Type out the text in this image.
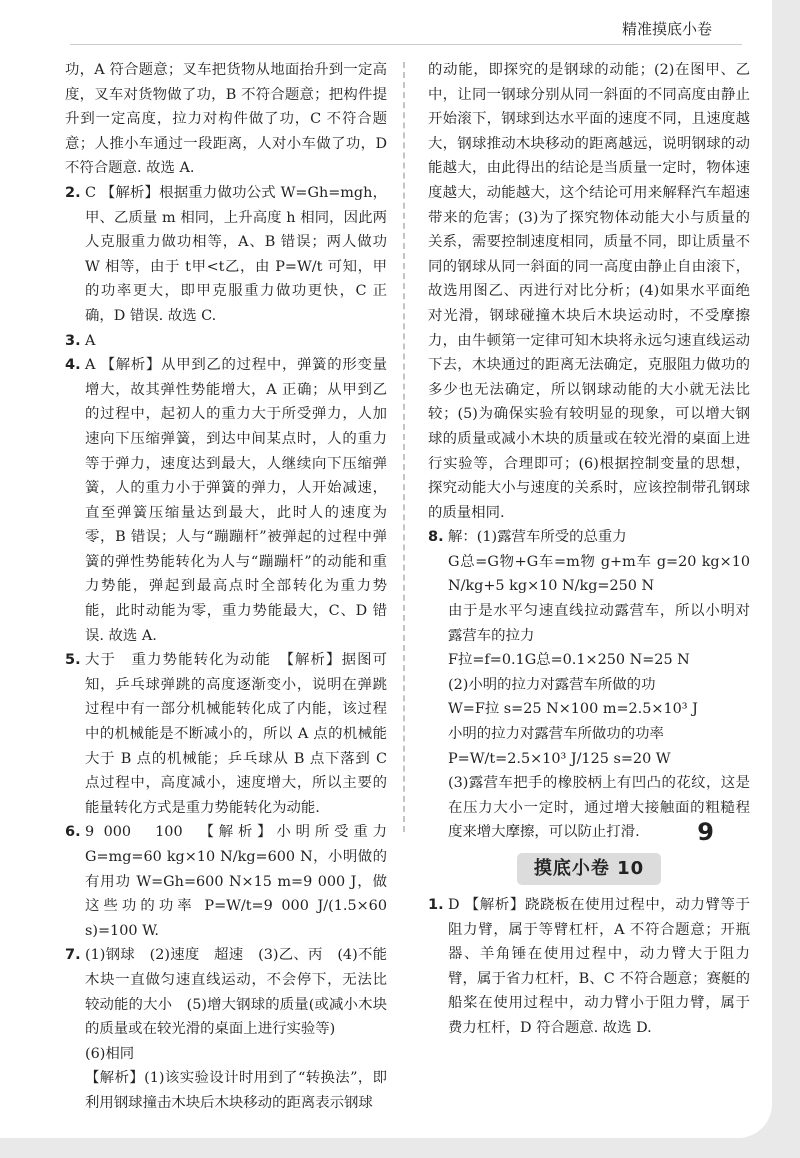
精准摸底小卷

功，A 符合题意；叉车把货物从地面抬升到一定高度，叉车对货物做了功，B 不符合题意；把构件提升到一定高度，拉力对构件做了功，C 不符合题意；人推小车通过一段距离，人对小车做了功，D 不符合题意. 故选 A.

2. C 【解析】根据重力做功公式 W=Gh=mgh，甲、乙质量 m 相同，上升高度 h 相同，因此两人克服重力做功相等，A、B 错误；两人做功 W 相等，由于 t甲<t乙，由 P=W/t 可知，甲的功率更大，即甲克服重力做功更快，C 正确，D 错误. 故选 C.

3. A

4. A 【解析】从甲到乙的过程中，弹簧的形变量增大，故其弹性势能增大，A 正确；从甲到乙的过程中，起初人的重力大于所受弹力，人加速向下压缩弹簧，到达中间某点时，人的重力等于弹力，速度达到最大，人继续向下压缩弹簧，人的重力小于弹簧的弹力，人开始减速，直至弹簧压缩量达到最大，此时人的速度为零，B 错误；人与“蹦蹦杆”被弹起的过程中弹簧的弹性势能转化为人与“蹦蹦杆”的动能和重力势能，弹起到最高点时全部转化为重力势能，此时动能为零，重力势能最大，C、D 错误. 故选 A.

5. 大于　重力势能转化为动能　【解析】据图可知，乒乓球弹跳的高度逐渐变小，说明在弹跳过程中有一部分机械能转化成了内能，该过程中的机械能是不断减小的，所以 A 点的机械能大于 B 点的机械能；乒乓球从 B 点下落到 C 点过程中，高度减小，速度增大，所以主要的能量转化方式是重力势能转化为动能.

6. 9 000　100　【解析】小明所受重力 G=mg=60 kg×10 N/kg=600 N，小明做的有用功 W=Gh=600 N×15 m=9 000 J，做这些功的功率 P=W/t=9 000 J/(1.5×60 s)=100 W.

7. (1)钢球　(2)速度　超速　(3)乙、丙　(4)不能　木块一直做匀速直线运动，不会停下，无法比较动能的大小　(5)增大钢球的质量(或减小木块的质量或在较光滑的桌面上进行实验等)

(6)相同

【解析】(1)该实验设计时用到了“转换法”，即利用钢球撞击木块后木块移动的距离表示钢球

的动能，即探究的是钢球的动能；(2)在图甲、乙中，让同一钢球分别从同一斜面的不同高度由静止开始滚下，钢球到达水平面的速度不同，且速度越大，钢球推动木块移动的距离越远，说明钢球的动能越大，由此得出的结论是当质量一定时，物体速度越大，动能越大，这个结论可用来解释汽车超速带来的危害；(3)为了探究物体动能大小与质量的关系，需要控制速度相同，质量不同，即让质量不同的钢球从同一斜面的同一高度由静止自由滚下，故选用图乙、丙进行对比分析；(4)如果水平面绝对光滑，钢球碰撞木块后木块运动时，不受摩擦力，由牛顿第一定律可知木块将永远匀速直线运动下去，木块通过的距离无法确定，克服阻力做功的多少也无法确定，所以钢球动能的大小就无法比较；(5)为确保实验有较明显的现象，可以增大钢球的质量或减小木块的质量或在较光滑的桌面上进行实验等，合理即可；(6)根据控制变量的思想，探究动能大小与速度的关系时，应该控制带孔钢球的质量相同.

8. 解：(1)露营车所受的总重力

G总=G物+G车=m物 g+m车 g=20 kg×10 N/kg+5 kg×10 N/kg=250 N

由于是水平匀速直线拉动露营车，所以小明对露营车的拉力

F拉=f=0.1G总=0.1×250 N=25 N

(2)小明的拉力对露营车所做的功

W=F拉 s=25 N×100 m=2.5×10³ J

小明的拉力对露营车所做功的功率

P=W/t=2.5×10³ J/125 s=20 W

(3)露营车把手的橡胶柄上有凹凸的花纹，这是在压力大小一定时，通过增大接触面的粗糙程度来增大摩擦，可以防止打滑.

摸底小卷 10
1. D 【解析】跷跷板在使用过程中，动力臂等于阻力臂，属于等臂杠杆，A 不符合题意；开瓶器、羊角锤在使用过程中，动力臂大于阻力臂，属于省力杠杆，B、C 不符合题意；赛艇的船桨在使用过程中，动力臂小于阻力臂，属于费力杠杆，D 符合题意. 故选 D.

9
